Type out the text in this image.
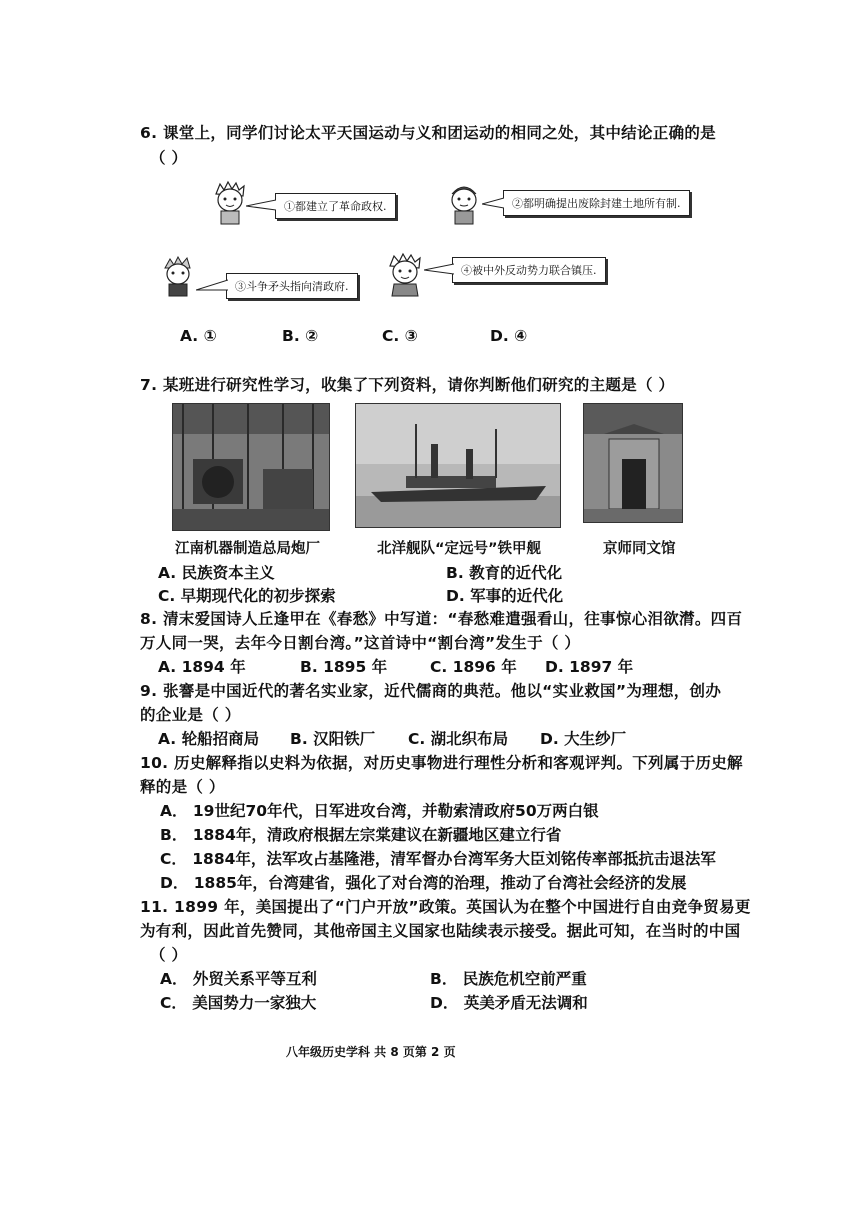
6. 课堂上，同学们讨论太平天国运动与义和团运动的相同之处，其中结论正确的是
（ ）
①都建立了革命政权.	②都明确提出废除封建土地所有制.
③斗争矛头指向清政府.
④被中外反动势力联合镇压.
A. ①	B. ②	C. ③	D. ④
7. 某班进行研究性学习，收集了下列资料，请你判断他们研究的主题是（ ）
江南机器制造总局炮厂	北洋舰队“定远号”铁甲舰	京师同文馆
A. 民族资本主义	B. 教育的近代化
C. 早期现代化的初步探索	D. 军事的近代化
8. 清末爱国诗人丘逢甲在《春愁》中写道：“春愁难遣强看山，往事惊心泪欲潸。四百
万人同一哭，去年今日割台湾。”这首诗中“割台湾”发生于（ ）
A. 1894 年	B. 1895 年	C. 1896 年 D. 1897 年
9. 张謇是中国近代的著名实业家，近代儒商的典范。他以“实业救国”为理想，创办
的企业是（ ）
A. 轮船招商局 B. 汉阳铁厂 C. 湖北织布局 D. 大生纱厂
10. 历史解释指以史料为依据，对历史事物进行理性分析和客观评判。下列属于历史解
释的是（ ）
A． 19世纪70年代，日军进攻台湾，并勒索清政府50万两白银
B． 1884年，清政府根据左宗棠建议在新疆地区建立行省
C． 1884年，法军攻占基隆港，清军督办台湾军务大臣刘铭传率部抵抗击退法军
D． 1885年，台湾建省，强化了对台湾的治理，推动了台湾社会经济的发展
11. 1899 年，美国提出了“门户开放”政策。英国认为在整个中国进行自由竞争贸易更
为有利，因此首先赞同，其他帝国主义国家也陆续表示接受。据此可知，在当时的中国
（ ）
A． 外贸关系平等互利	B． 民族危机空前严重
C． 美国势力一家独大	D． 英美矛盾无法调和
八年级历史学科 共 8 页第 2 页
